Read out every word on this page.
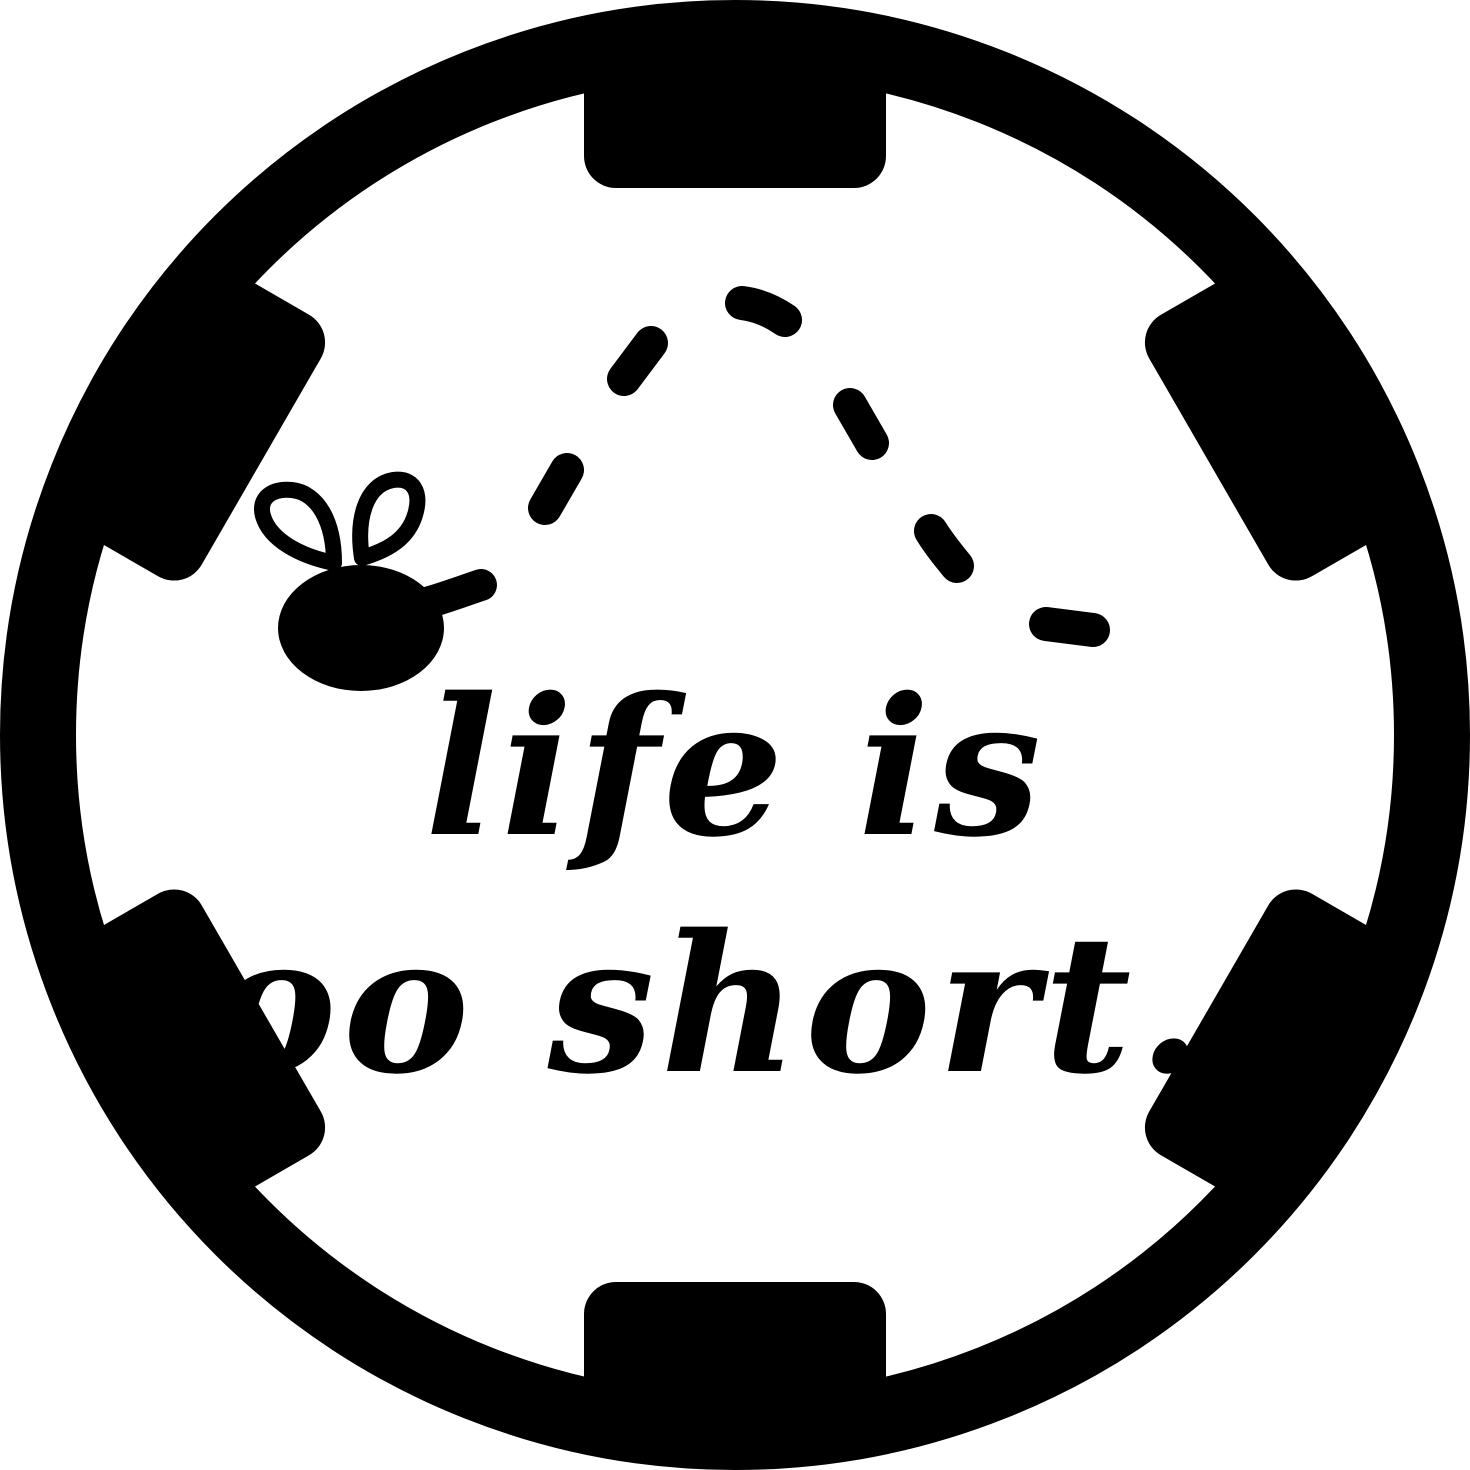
life is
too short...
